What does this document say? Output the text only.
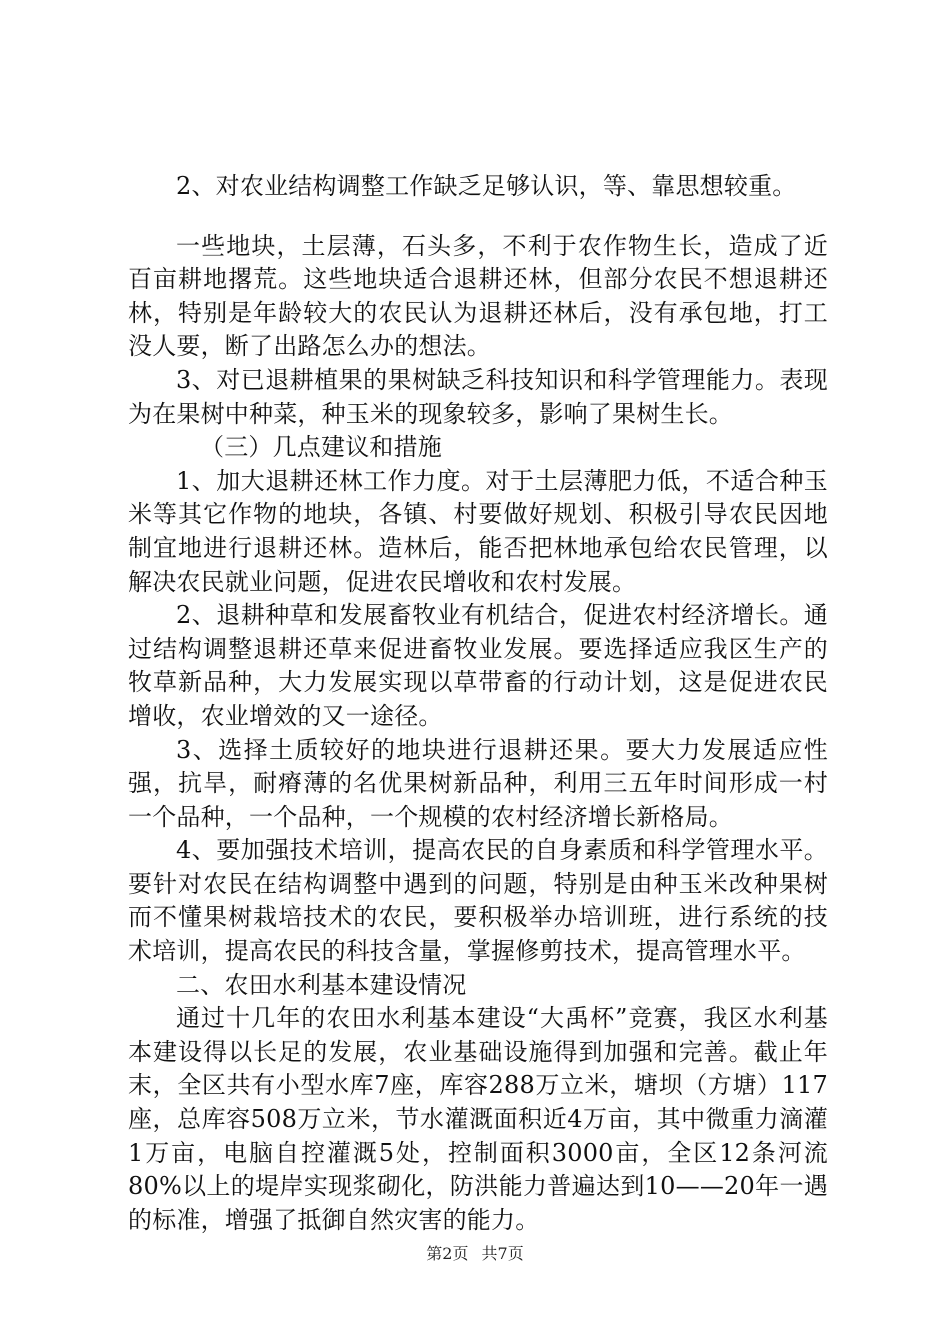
2、对农业结构调整工作缺乏足够认识，等、靠思想较重。

一些地块，土层薄，石头多，不利于农作物生长，造成了近百亩耕地撂荒。这些地块适合退耕还林，但部分农民不想退耕还林，特别是年龄较大的农民认为退耕还林后，没有承包地，打工没人要，断了出路怎么办的想法。

3、对已退耕植果的果树缺乏科技知识和科学管理能力。表现为在果树中种菜，种玉米的现象较多，影响了果树生长。

（三）几点建议和措施

1、加大退耕还林工作力度。对于土层薄肥力低，不适合种玉米等其它作物的地块，各镇、村要做好规划、积极引导农民因地制宜地进行退耕还林。造林后，能否把林地承包给农民管理，以解决农民就业问题，促进农民增收和农村发展。

2、退耕种草和发展畜牧业有机结合，促进农村经济增长。通过结构调整退耕还草来促进畜牧业发展。要选择适应我区生产的牧草新品种，大力发展实现以草带畜的行动计划，这是促进农民增收，农业增效的又一途径。

3、选择土质较好的地块进行退耕还果。要大力发展适应性强，抗旱，耐瘠薄的名优果树新品种，利用三五年时间形成一村一个品种，一个品种，一个规模的农村经济增长新格局。

4、要加强技术培训，提高农民的自身素质和科学管理水平。要针对农民在结构调整中遇到的问题，特别是由种玉米改种果树而不懂果树栽培技术的农民，要积极举办培训班，进行系统的技术培训，提高农民的科技含量，掌握修剪技术，提高管理水平。

二、农田水利基本建设情况

通过十几年的农田水利基本建设“大禹杯”竞赛，我区水利基本建设得以长足的发展，农业基础设施得到加强和完善。截止年末，全区共有小型水库7座，库容288万立米，塘坝（方塘）117座，总库容508万立米，节水灌溉面积近4万亩，其中微重力滴灌1万亩，电脑自控灌溉5处，控制面积3000亩，全区12条河流80%以上的堤岸实现浆砌化，防洪能力普遍达到10——20年一遇的标准，增强了抵御自然灾害的能力。

第2页 共7页
